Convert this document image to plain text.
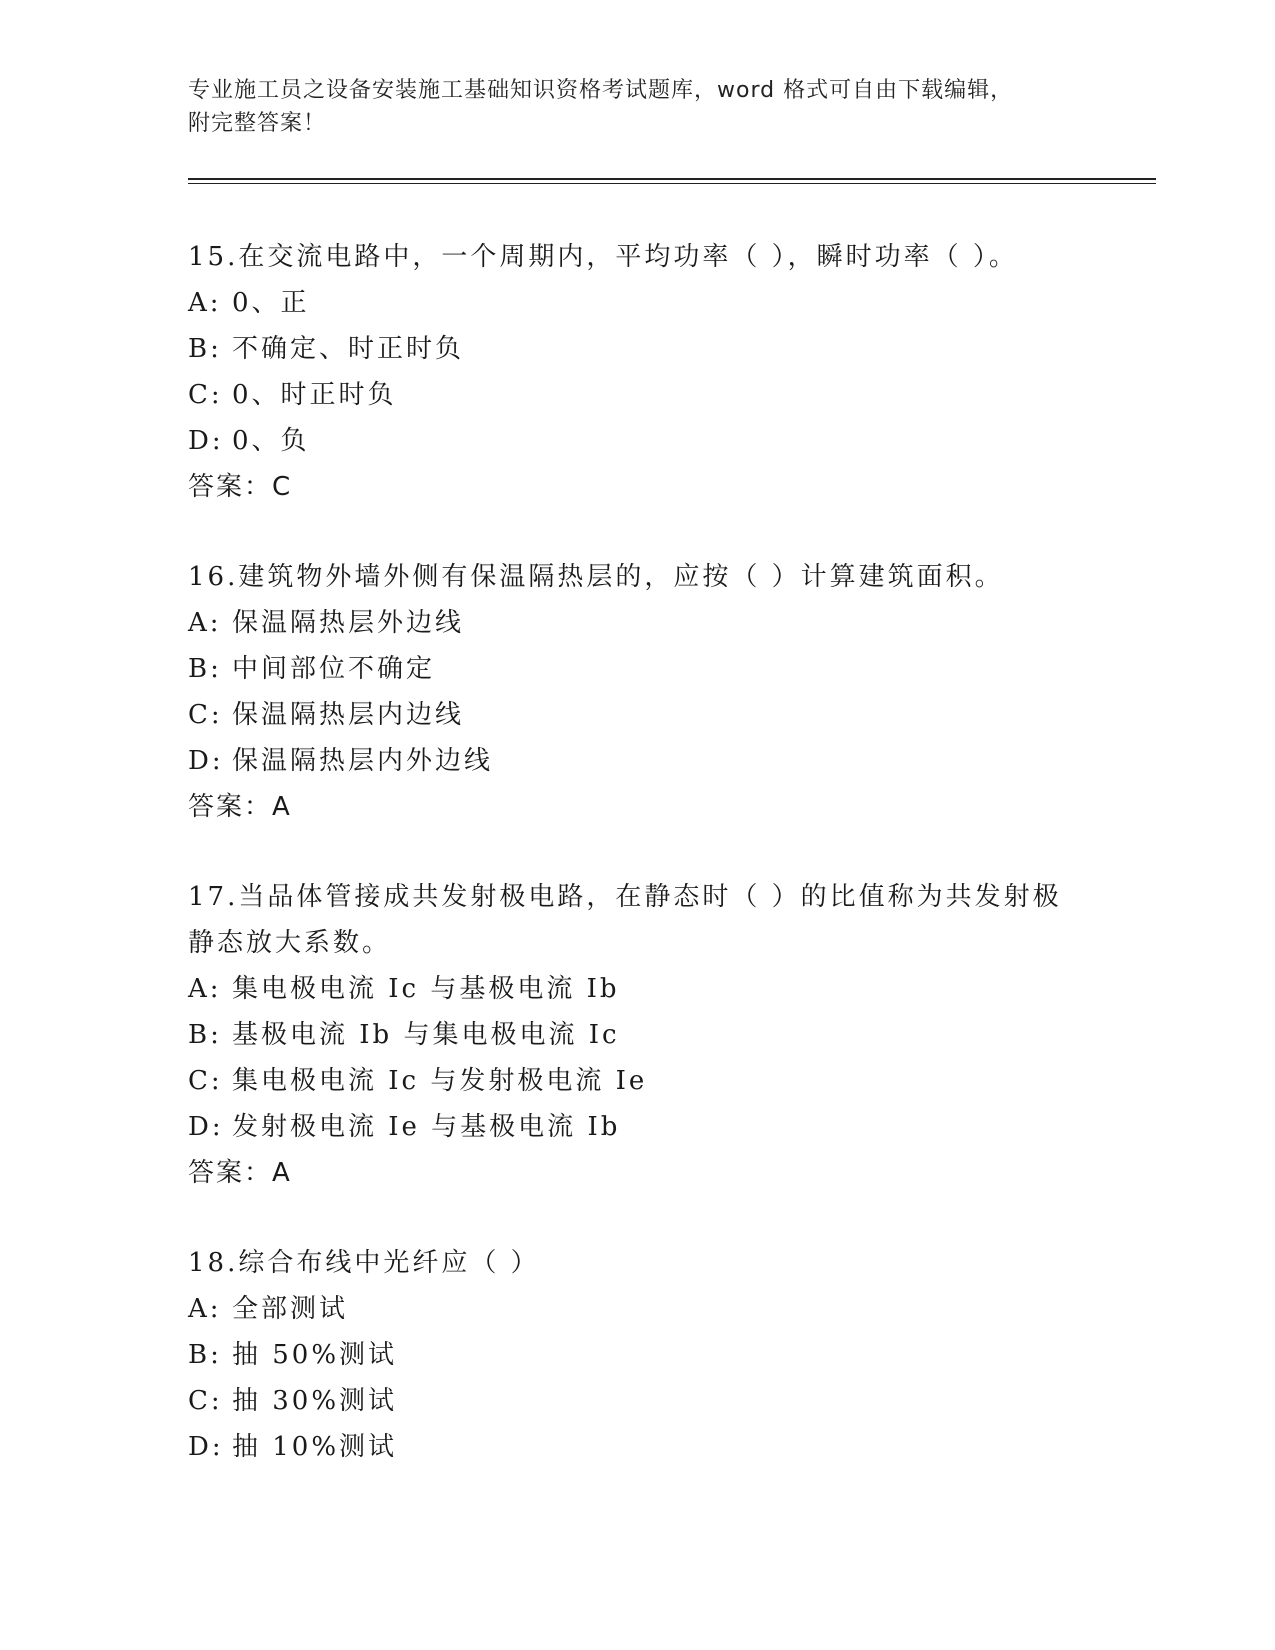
专业施工员之设备安装施工基础知识资格考试题库，word 格式可自由下载编辑，
附完整答案！
15.在交流电路中，一个周期内，平均功率（ ），瞬时功率（ ）。
A: 0、正
B: 不确定、时正时负
C: 0、时正时负
D: 0、负
答案：C
16.建筑物外墙外侧有保温隔热层的，应按（ ）计算建筑面积。
A: 保温隔热层外边线
B: 中间部位不确定
C: 保温隔热层内边线
D: 保温隔热层内外边线
答案：A
17.当品体管接成共发射极电路，在静态时（ ）的比值称为共发射极静态放大系数。
A: 集电极电流 Ic 与基极电流 Ib
B: 基极电流 Ib 与集电极电流 Ic
C: 集电极电流 Ic 与发射极电流 Ie
D: 发射极电流 Ie 与基极电流 Ib
答案：A
18.综合布线中光纤应（ ）
A: 全部测试
B: 抽 50%测试
C: 抽 30%测试
D: 抽 10%测试
